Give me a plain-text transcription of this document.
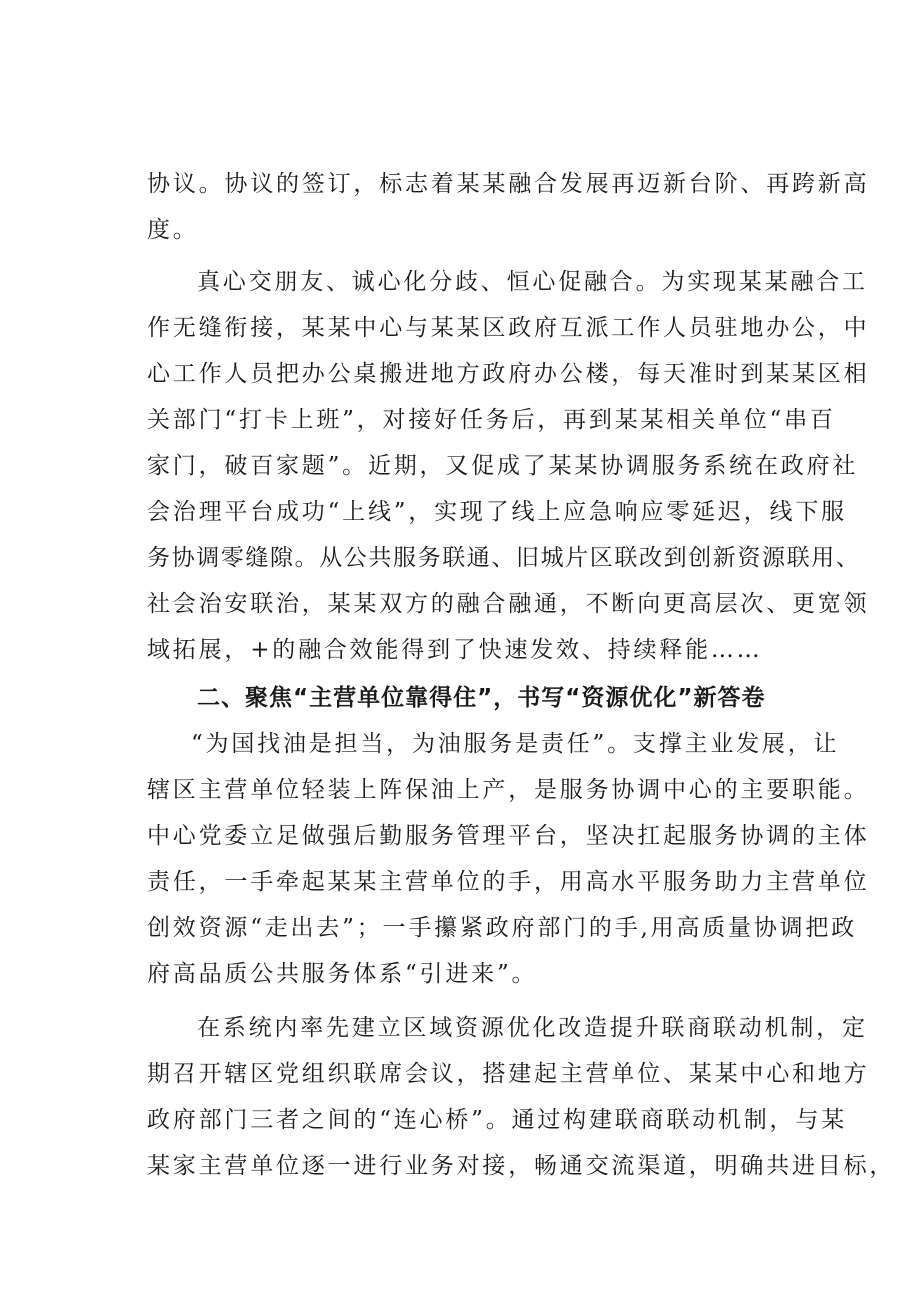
协议。协议的签订，标志着某某融合发展再迈新台阶、再跨新高
度。
真心交朋友、诚心化分歧、恒心促融合。为实现某某融合工
作无缝衔接，某某中心与某某区政府互派工作人员驻地办公，中
心工作人员把办公桌搬进地方政府办公楼，每天准时到某某区相
关部门“打卡上班”，对接好任务后，再到某某相关单位“串百
家门，破百家题”。近期，又促成了某某协调服务系统在政府社
会治理平台成功“上线”，实现了线上应急响应零延迟，线下服
务协调零缝隙。从公共服务联通、旧城片区联改到创新资源联用、
社会治安联治，某某双方的融合融通，不断向更高层次、更宽领
域拓展，+的融合效能得到了快速发效、持续释能……
二、聚焦“主营单位靠得住”，书写“资源优化”新答卷
“为国找油是担当，为油服务是责任”。支撑主业发展，让
辖区主营单位轻装上阵保油上产，是服务协调中心的主要职能。
中心党委立足做强后勤服务管理平台，坚决扛起服务协调的主体
责任，一手牵起某某主营单位的手，用高水平服务助力主营单位
创效资源“走出去”；一手攥紧政府部门的手,用高质量协调把政
府高品质公共服务体系“引进来”。
在系统内率先建立区域资源优化改造提升联商联动机制，定
期召开辖区党组织联席会议，搭建起主营单位、某某中心和地方
政府部门三者之间的“连心桥”。通过构建联商联动机制，与某
某家主营单位逐一进行业务对接，畅通交流渠道，明确共进目标，
